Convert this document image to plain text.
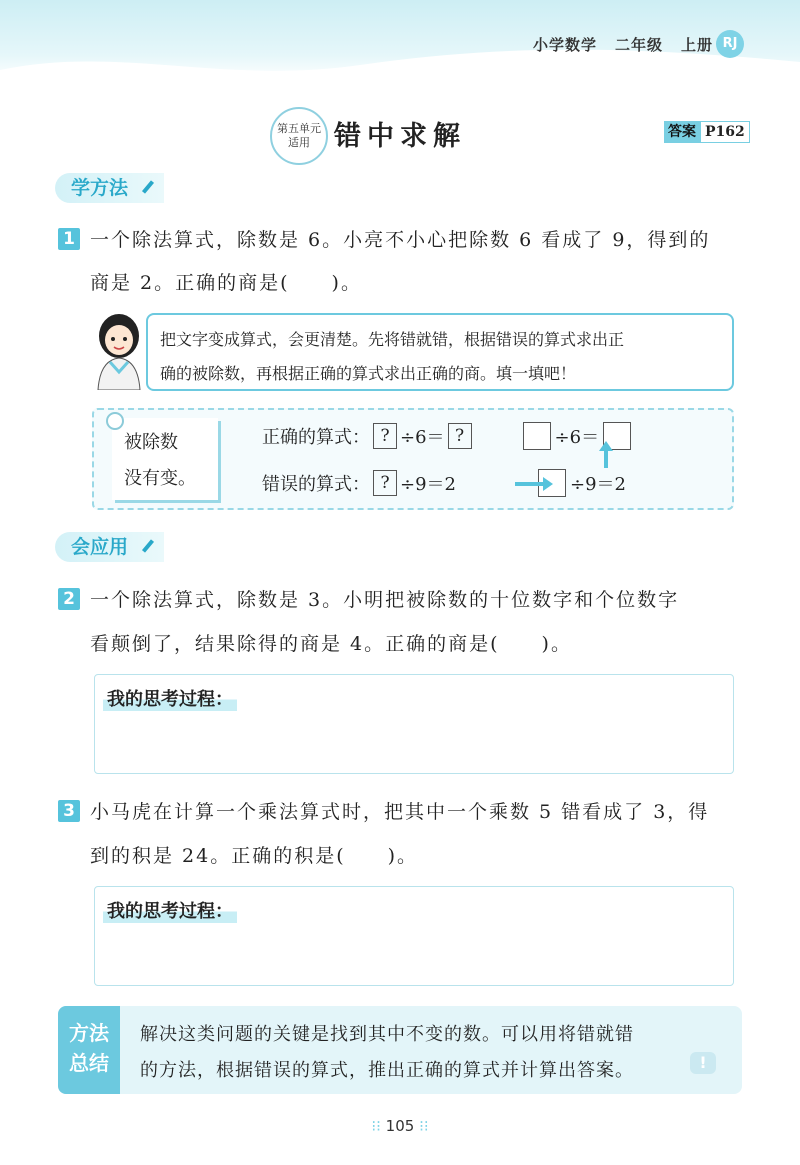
小学数学 二年级 上册 RJ
第五单元
适用 错中求解	答案 P162
学方法
1 一个除法算式，除数是 6。小亮不小心把除数 6 看成了 9，得到的
商是 2。正确的商是(　　)。
把文字变成算式，会更清楚。先将错就错，根据错误的算式求出正
确的被除数，再根据正确的算式求出正确的商。填一填吧！
被除数
没有变。
正确的算式： ? ÷6＝ ?	÷6＝
错误的算式： ? ÷9＝2	÷9＝2
会应用
2 一个除法算式，除数是 3。小明把被除数的十位数字和个位数字
看颠倒了，结果除得的商是 4。正确的商是(　　)。
我的思考过程：
3 小马虎在计算一个乘法算式时，把其中一个乘数 5 错看成了 3，得
到的积是 24。正确的积是(　　)。
我的思考过程：
方法
总结
解决这类问题的关键是找到其中不变的数。可以用将错就错
的方法，根据错误的算式，推出正确的算式并计算出答案。	!
⁝⁝ 105 ⁝⁝
